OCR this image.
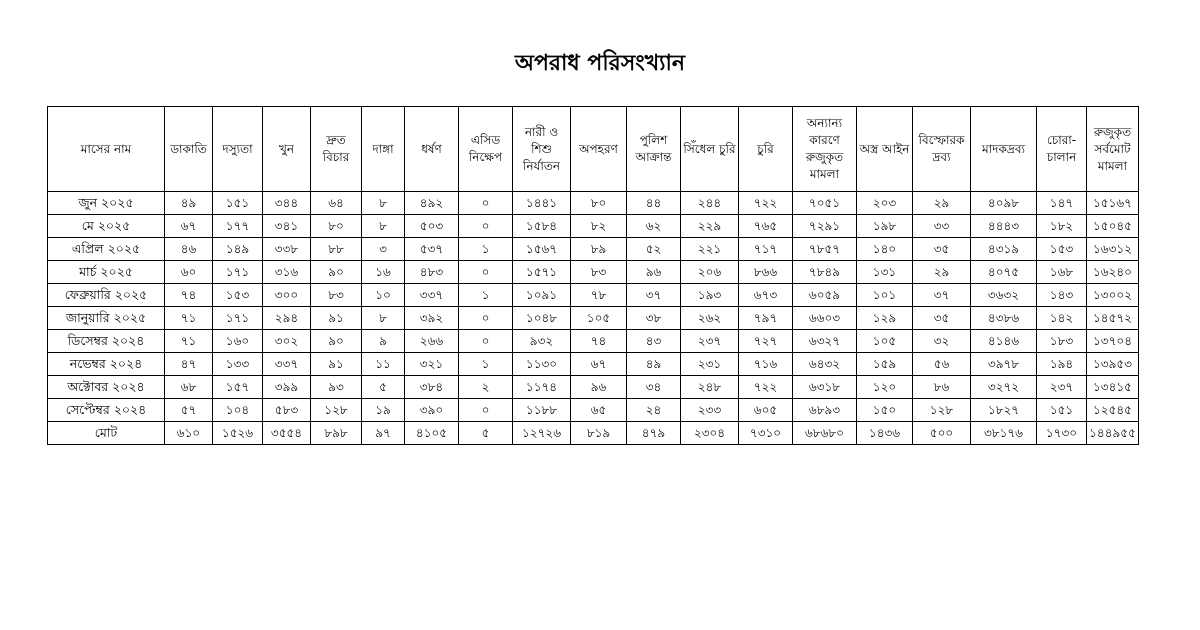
অপরাধ পরিসংখ্যান
মাসের নাম	ডাকাতি	দস্যুতা	খুন	দ্রুত বিচার	দাঙ্গা	ধর্ষণ	এসিড নিক্ষেপ	নারী ও শিশু নির্যাতন	অপহরণ	পুলিশ আক্রান্ত	সিঁধেল চুরি	চুরি	অন্যান্য কারণে রুজুকৃত মামলা	অস্ত্র আইন	বিস্ফোরক দ্রব্য	মাদকদ্রব্য	চোরা- চালান	রুজুকৃত সর্বমোট মামলা
জুন ২০২৫	৪৯	১৫১	৩৪৪	৬৪	৮	৪৯২	০	১৪৪১	৮০	৪৪	২৪৪	৭২২	৭০৫১	২০৩	২৯	৪০৯৮	১৪৭	১৫১৬৭
মে ২০২৫	৬৭	১৭৭	৩৪১	৮০	৮	৫০৩	০	১৫৮৪	৮২	৬২	২২৯	৭৬৫	৭২৯১	১৯৮	৩৩	৪৪৪৩	১৮২	১৫০৪৫
এপ্রিল ২০২৫	৪৬	১৪৯	৩৩৮	৮৮	৩	৫৩৭	১	১৫৬৭	৮৯	৫২	২২১	৭১৭	৭৮৫৭	১৪০	৩৫	৪৩১৯	১৫৩	১৬৩১২
মার্চ ২০২৫	৬০	১৭১	৩১৬	৯০	১৬	৪৮৩	০	১৫৭১	৮৩	৯৬	২০৬	৮৬৬	৭৮৪৯	১৩১	২৯	৪০৭৫	১৬৮	১৬২৪০
ফেব্রুয়ারি ২০২৫	৭৪	১৫৩	৩০০	৮৩	১০	৩৩৭	১	১০৯১	৭৮	৩৭	১৯৩	৬৭৩	৬০৫৯	১০১	৩৭	৩৬৩২	১৪৩	১৩০০২
জানুয়ারি ২০২৫	৭১	১৭১	২৯৪	৯১	৮	৩৯২	০	১০৪৮	১০৫	৩৮	২৬২	৭৯৭	৬৬০৩	১২৯	৩৫	৪৩৮৬	১৪২	১৪৫৭২
ডিসেম্বর ২০২৪	৭১	১৬০	৩০২	৯০	৯	২৬৬	০	৯৩২	৭৪	৪৩	২৩৭	৭২৭	৬৩২৭	১০৫	৩২	৪১৪৬	১৮৩	১৩৭০৪
নভেম্বর ২০২৪	৪৭	১৩৩	৩৩৭	৯১	১১	৩২১	১	১১৩০	৬৭	৪৯	২৩১	৭১৬	৬৪৩২	১৫৯	৫৬	৩৯৭৮	১৯৪	১৩৯৫৩
অক্টোবর ২০২৪	৬৮	১৫৭	৩৯৯	৯৩	৫	৩৮৪	২	১১৭৪	৯৬	৩৪	২৪৮	৭২২	৬৩১৮	১২০	৮৬	৩২৭২	২৩৭	১৩৪১৫
সেপ্টেম্বর ২০২৪	৫৭	১০৪	৫৮৩	১২৮	১৯	৩৯০	০	১১৮৮	৬৫	২৪	২৩৩	৬০৫	৬৮৯৩	১৫০	১২৮	১৮২৭	১৫১	১২৫৪৫
মোট	৬১০	১৫২৬	৩৫৫৪	৮৯৮	৯৭	৪১০৫	৫	১২৭২৬	৮১৯	৪৭৯	২৩০৪	৭৩১০	৬৮৬৮০	১৪৩৬	৫০০	৩৮১৭৬	১৭৩০	১৪৪৯৫৫
